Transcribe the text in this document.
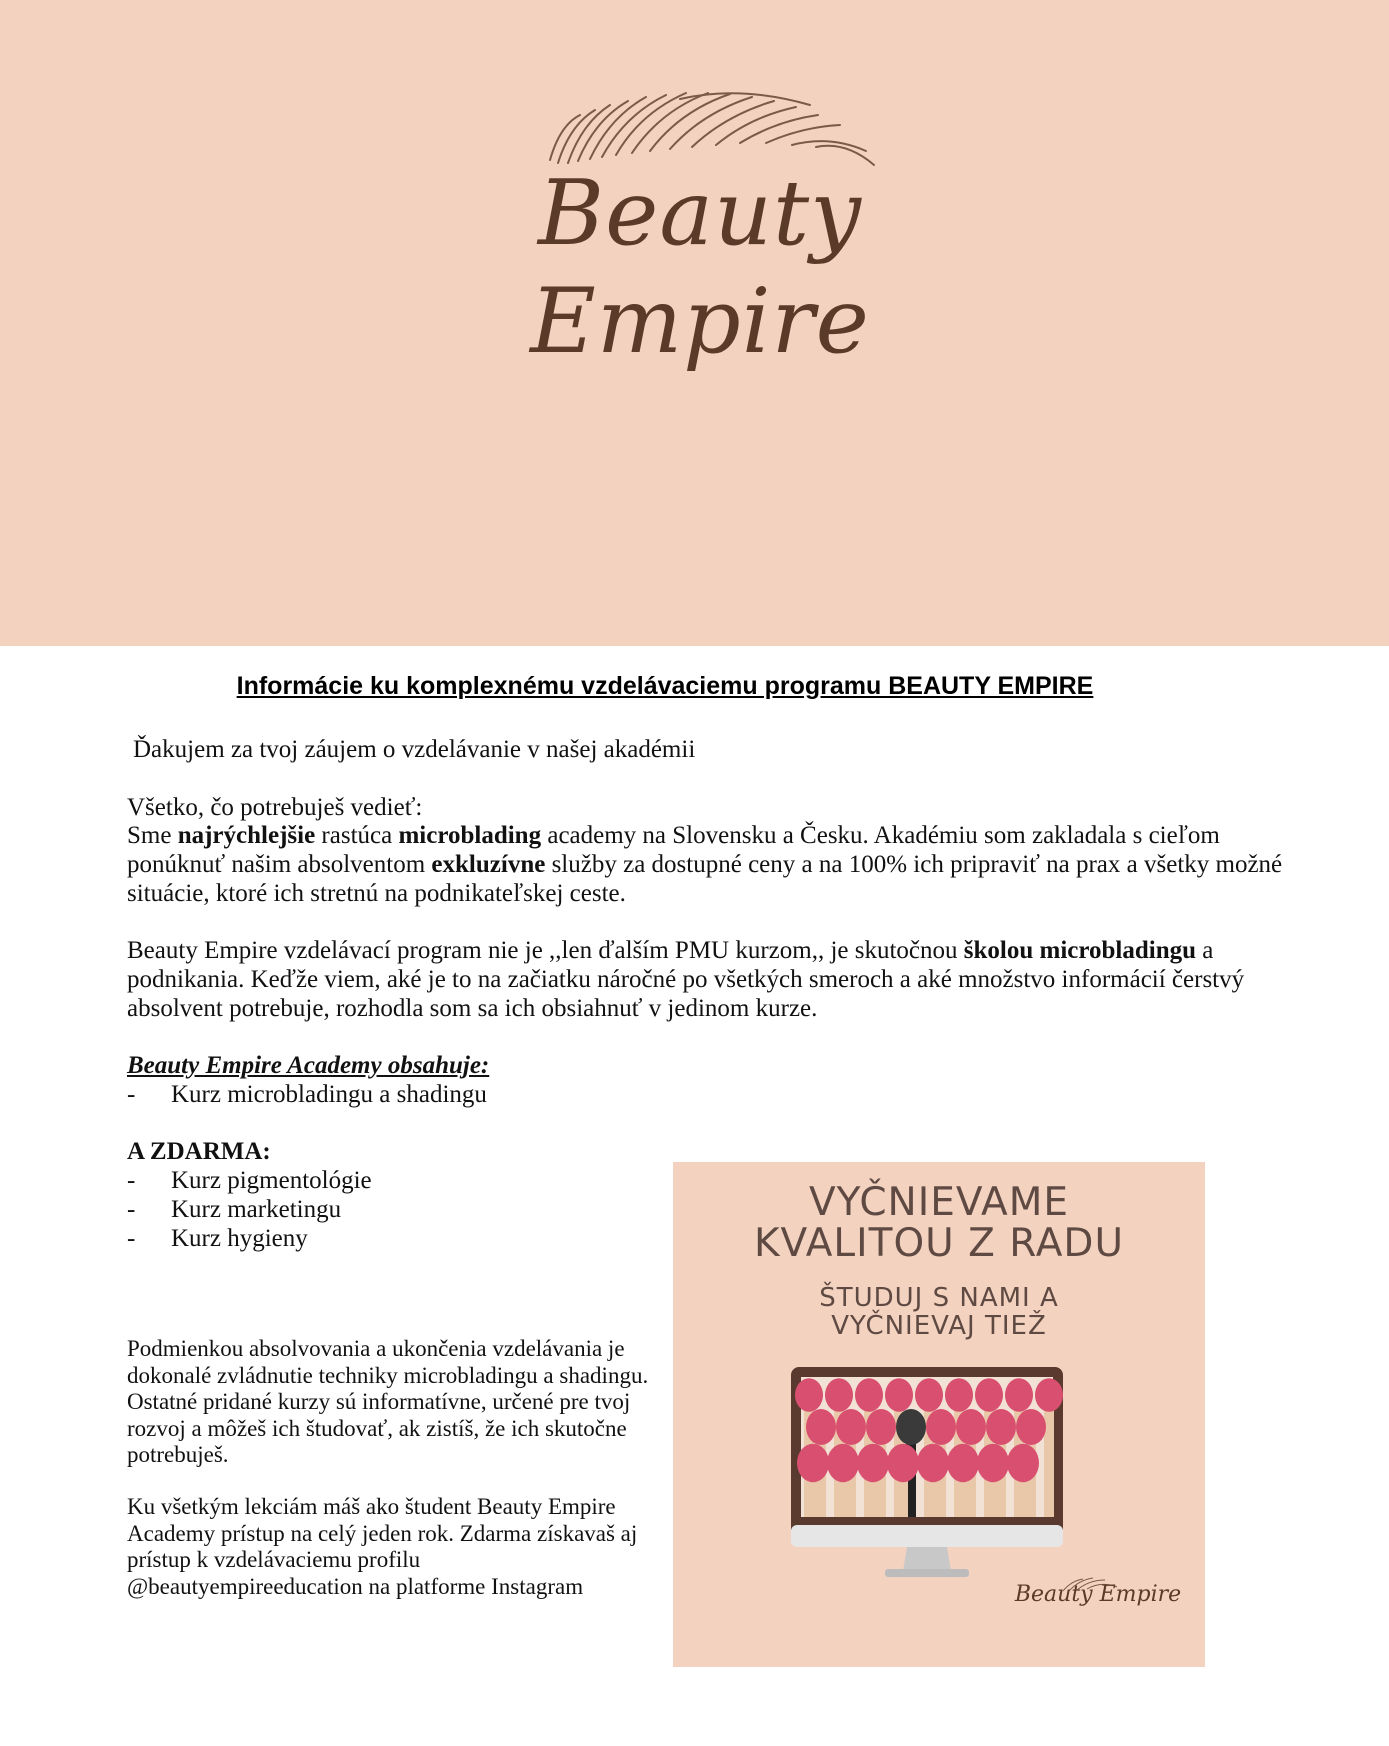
Beauty Empire
Informácie ku komplexnému vzdelávaciemu programu BEAUTY EMPIRE
Ďakujem za tvoj záujem o vzdelávanie v našej akadémii
Všetko, čo potrebuješ vedieť:
Sme najrýchlejšie rastúca microblading academy na Slovensku a Česku. Akadémiu som zakladala s cieľom ponúknuť našim absolventom exkluzívne služby za dostupné ceny a na 100% ich pripraviť na prax a všetky možné situácie, ktoré ich stretnú na podnikateľskej ceste.
Beauty Empire vzdelávací program nie je ,,len ďalším PMU kurzom,, je skutočnou školou microbladingu a podnikania. Keďže viem, aké je to na začiatku náročné po všetkých smeroch a aké množstvo informácií čerstvý absolvent potrebuje, rozhodla som sa ich obsiahnuť v jedinom kurze.
Beauty Empire Academy obsahuje:
- Kurz microbladingu a shadingu
A ZDARMA:
- Kurz pigmentológie
- Kurz marketingu
- Kurz hygieny
Podmienkou absolvovania a ukončenia vzdelávania je dokonalé zvládnutie techniky microbladingu a shadingu. Ostatné pridané kurzy sú informatívne, určené pre tvoj rozvoj a môžeš ich študovať, ak zistíš, že ich skutočne potrebuješ.
Ku všetkým lekciám máš ako študent Beauty Empire Academy prístup na celý jeden rok. Zdarma získavaš aj prístup k vzdelávaciemu profilu @beautyempireeducation na platforme Instagram
VYČNIEVAME
KVALITOU Z RADU
ŠTUDUJ S NAMI A
VYČNIEVAJ TIEŽ
Beauty Empire
